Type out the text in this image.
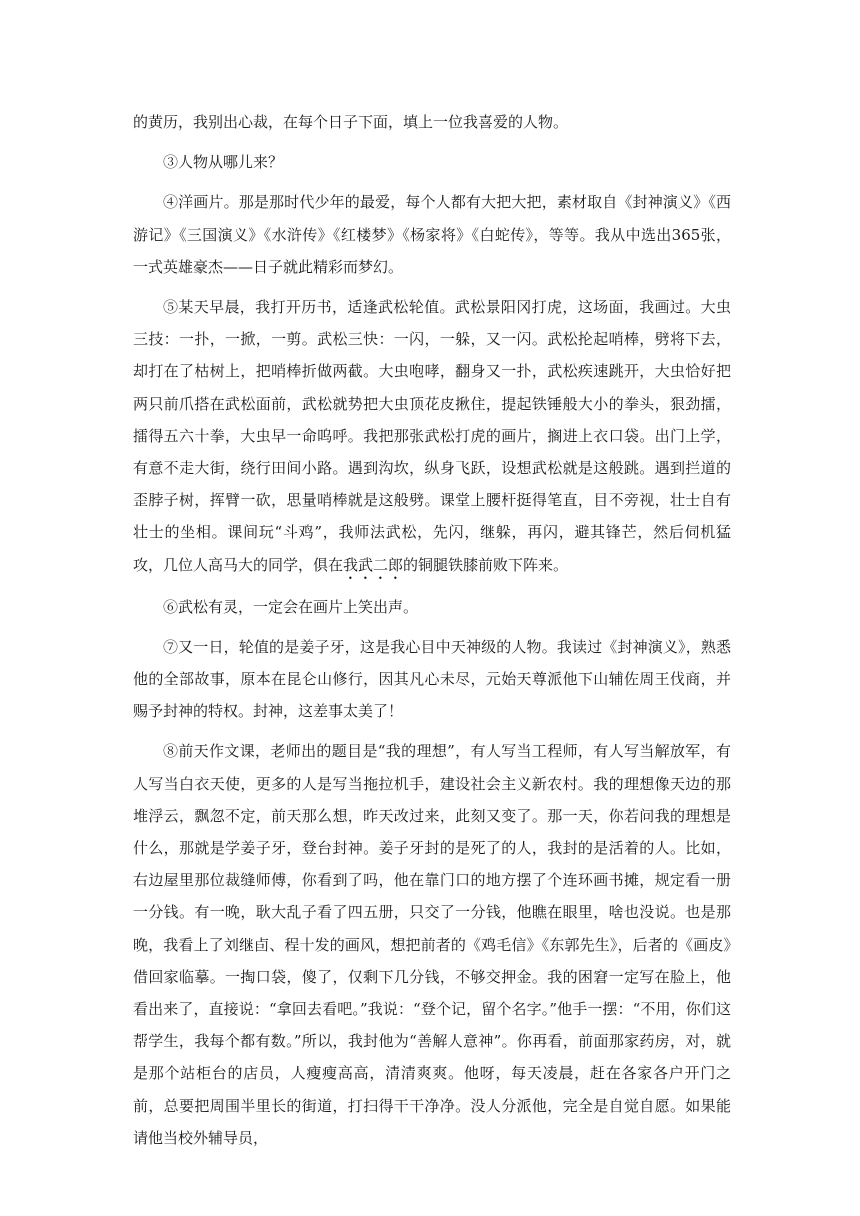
的黄历，我别出心裁，在每个日子下面，填上一位我喜爱的人物。

③人物从哪儿来？

④洋画片。那是那时代少年的最爱，每个人都有大把大把，素材取自《封神演义》《西游记》《三国演义》《水浒传》《红楼梦》《杨家将》《白蛇传》，等等。我从中选出365张，一式英雄豪杰——日子就此精彩而梦幻。

⑤某天早晨，我打开历书，适逢武松轮值。武松景阳冈打虎，这场面，我画过。大虫三技：一扑，一掀，一剪。武松三快：一闪，一躲，又一闪。武松抡起哨棒，劈将下去，却打在了枯树上，把哨棒折做两截。大虫咆哮，翻身又一扑，武松疾速跳开，大虫恰好把两只前爪搭在武松面前，武松就势把大虫顶花皮揪住，提起铁锤般大小的拳头，狠劲擂，擂得五六十拳，大虫早一命呜呼。我把那张武松打虎的画片，搁进上衣口袋。出门上学，有意不走大街，绕行田间小路。遇到沟坎，纵身飞跃，设想武松就是这般跳。遇到拦道的歪脖子树，挥臂一砍，思量哨棒就是这般劈。课堂上腰杆挺得笔直，目不旁视，壮士自有壮士的坐相。课间玩“斗鸡”，我师法武松，先闪，继躲，再闪，避其锋芒，然后伺机猛攻，几位人高马大的同学，俱在我武二郎的铜腿铁膝前败下阵来。

⑥武松有灵，一定会在画片上笑出声。

⑦又一日，轮值的是姜子牙，这是我心目中天神级的人物。我读过《封神演义》，熟悉他的全部故事，原本在昆仑山修行，因其凡心未尽，元始天尊派他下山辅佐周王伐商，并赐予封神的特权。封神，这差事太美了！

⑧前天作文课，老师出的题目是“我的理想”，有人写当工程师，有人写当解放军，有人写当白衣天使，更多的人是写当拖拉机手，建设社会主义新农村。我的理想像天边的那堆浮云，飘忽不定，前天那么想，昨天改过来，此刻又变了。那一天，你若问我的理想是什么，那就是学姜子牙，登台封神。姜子牙封的是死了的人，我封的是活着的人。比如，右边屋里那位裁缝师傅，你看到了吗，他在靠门口的地方摆了个连环画书摊，规定看一册一分钱。有一晚，耿大乱子看了四五册，只交了一分钱，他瞧在眼里，啥也没说。也是那晚，我看上了刘继卣、程十发的画风，想把前者的《鸡毛信》《东郭先生》，后者的《画皮》借回家临摹。一掏口袋，傻了，仅剩下几分钱，不够交押金。我的困窘一定写在脸上，他看出来了，直接说：“拿回去看吧。”我说：“登个记，留个名字。”他手一摆：“不用，你们这帮学生，我每个都有数。”所以，我封他为“善解人意神”。你再看，前面那家药房，对，就是那个站柜台的店员，人瘦瘦高高，清清爽爽。他呀，每天凌晨，赶在各家各户开门之前，总要把周围半里长的街道，打扫得干干净净。没人分派他，完全是自觉自愿。如果能请他当校外辅导员，
